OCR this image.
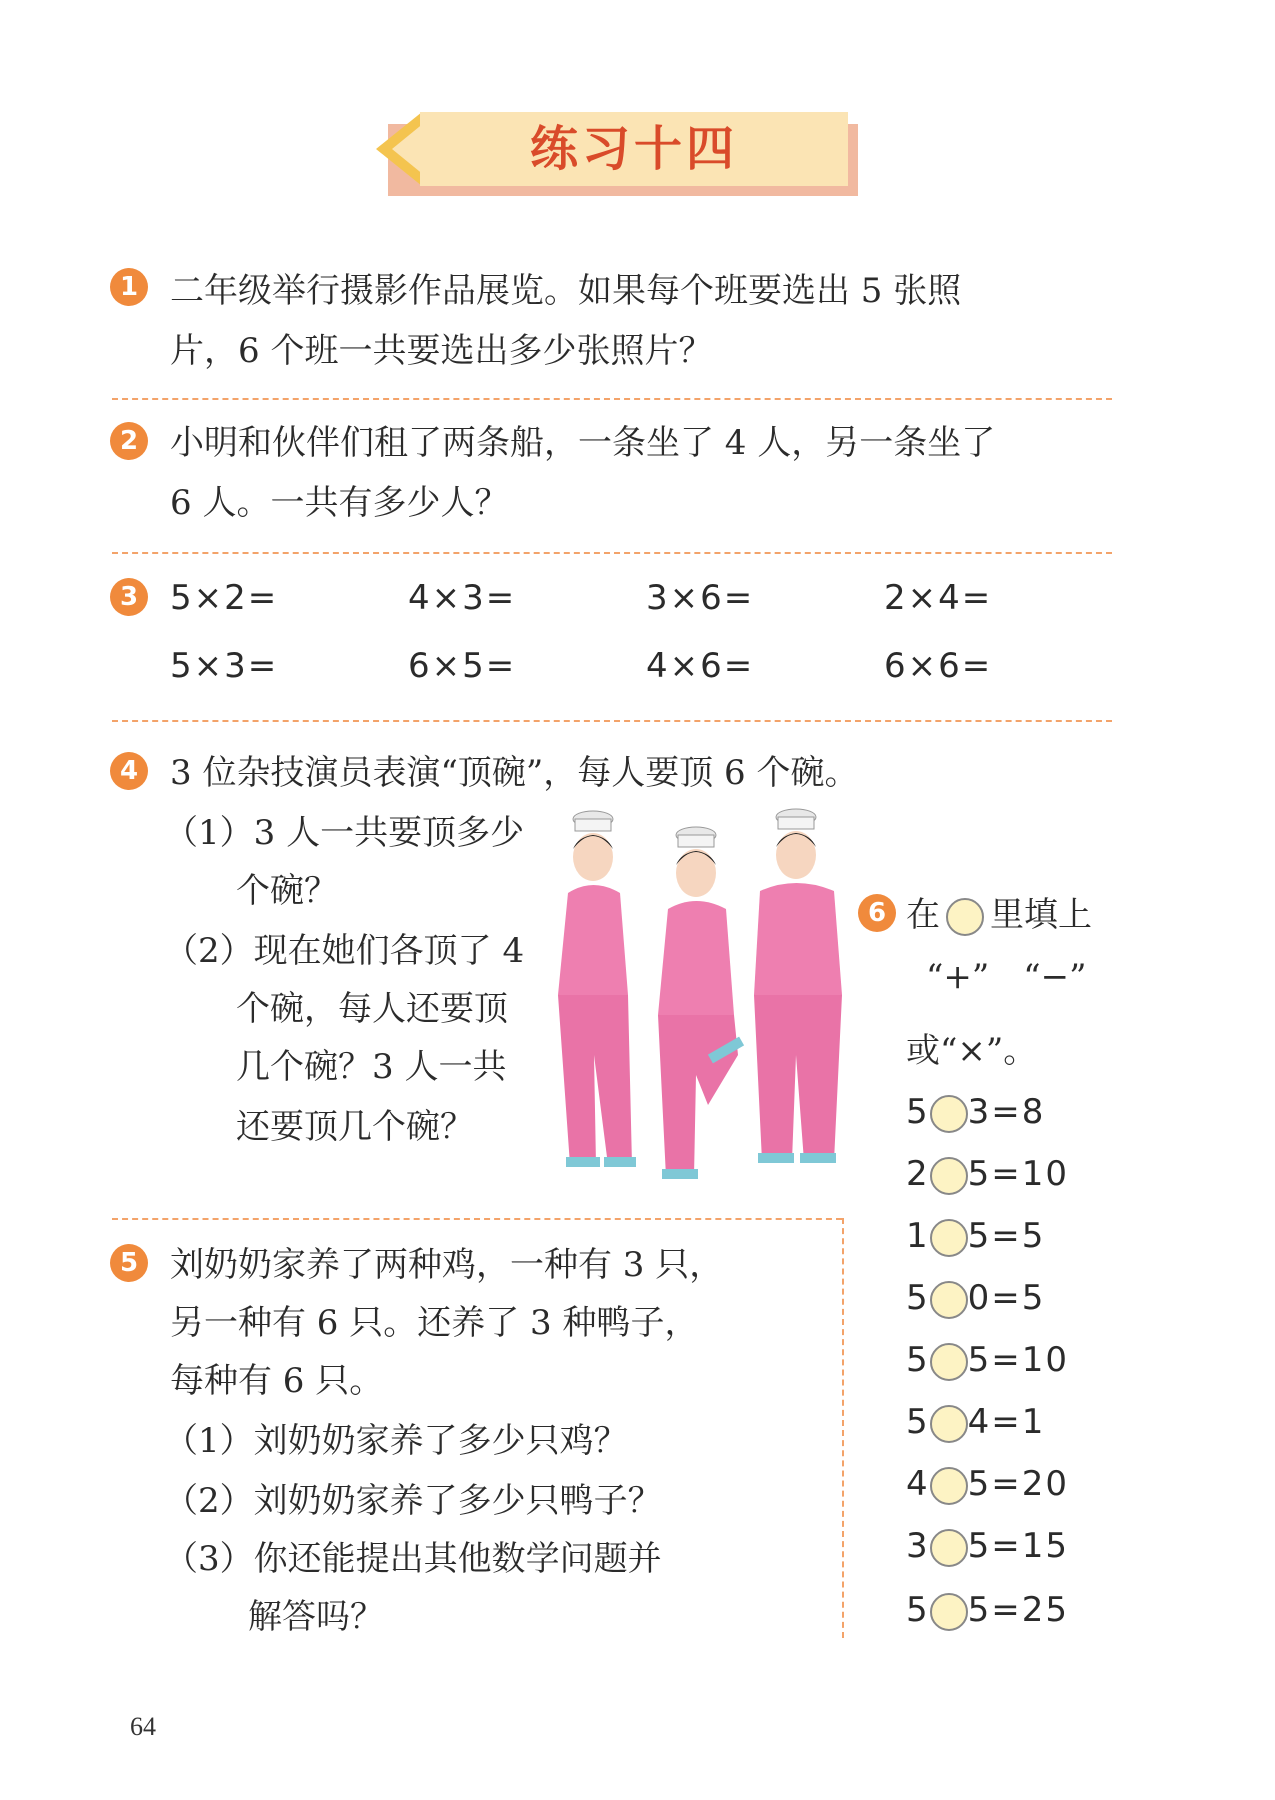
练习十四
1 二年级举行摄影作品展览。如果每个班要选出 5 张照
片，6 个班一共要选出多少张照片？
2 小明和伙伴们租了两条船，一条坐了 4 人，另一条坐了
6 人。一共有多少人？
3 5×2=	4×3=	3×6=	2×4=
5×3=	6×5=	4×6=	6×6=
4 3 位杂技演员表演“顶碗”，每人要顶 6 个碗。
（1）3 人一共要顶多少
个碗？
（2）现在她们各顶了 4
个碗，每人还要顶
几个碗？3 人一共
还要顶几个碗？
5 刘奶奶家养了两种鸡，一种有 3 只，
另一种有 6 只。还养了 3 种鸭子，
每种有 6 只。
（1）刘奶奶家养了多少只鸡？
（2）刘奶奶家养了多少只鸭子？
（3）你还能提出其他数学问题并
解答吗？
6 在 里填上
“+”　“−”
或“×”。
5 3=8
2 5=10
1 5=5
5 0=5
5 5=10
5 4=1
4 5=20
3 5=15
5 5=25
64
